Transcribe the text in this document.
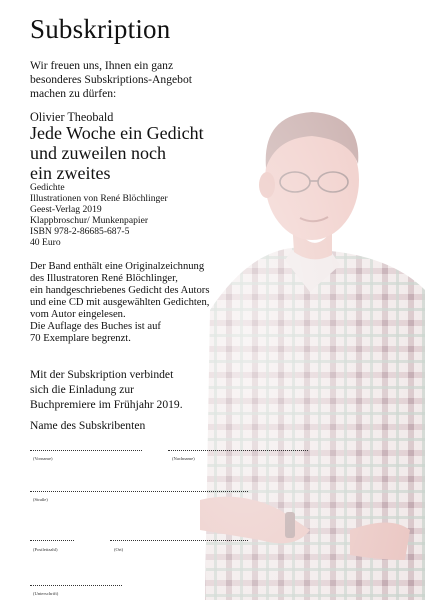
Subskription
Wir freuen uns, Ihnen ein ganz
besonderes Subskriptions-Angebot
machen zu dürfen:
Olivier Theobald
Jede Woche ein Gedicht
und zuweilen noch
ein zweites
Gedichte
Illustrationen von René Blöchlinger
Geest-Verlag 2019
Klappbroschur/ Munkenpapier
ISBN 978-2-86685-687-5
40 Euro
Der Band enthält eine Originalzeichnung
des Illustratoren René Blöchlinger,
ein handgeschriebenes Gedicht des Autors
und eine CD mit ausgewählten Gedichten,
vom Autor eingelesen.
Die Auflage des Buches ist auf
70 Exemplare begrenzt.
Mit der Subskription verbindet
sich die Einladung zur
Buchpremiere im Frühjahr 2019.
Name des Subskribenten
(Vorname)	(Nachname)
(Straße)
(Postleitzahl)	(Ort)
(Unterschrift)
